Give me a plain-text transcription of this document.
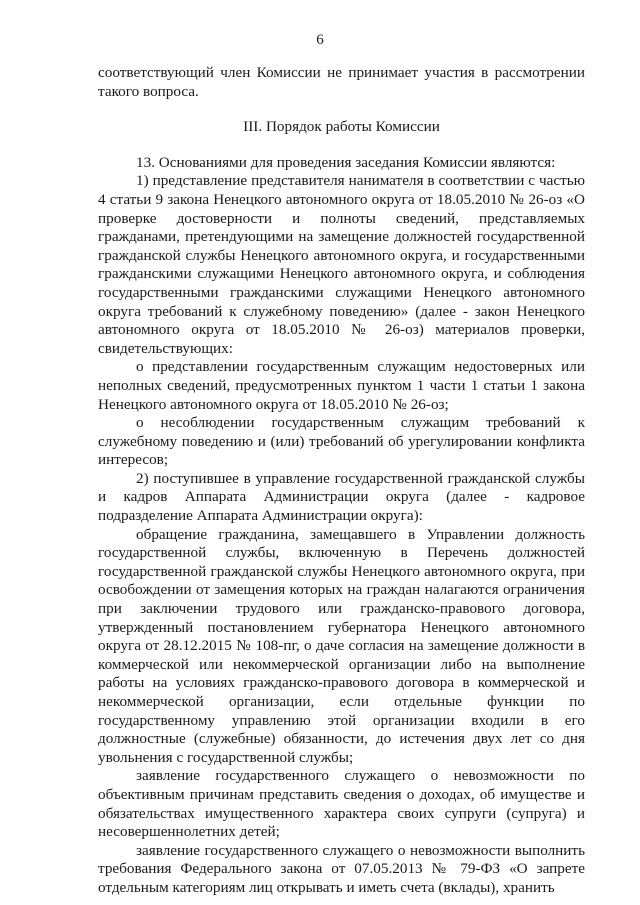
6

соответствующий член Комиссии не принимает участия в рассмотрении такого вопроса.

III. Порядок работы Комиссии

13. Основаниями для проведения заседания Комиссии являются:

1) представление представителя нанимателя в соответствии с частью 4 статьи 9 закона Ненецкого автономного округа от 18.05.2010 № 26-оз «О проверке достоверности и полноты сведений, представляемых гражданами, претендующими на замещение должностей государственной гражданской службы Ненецкого автономного округа, и государственными гражданскими служащими Ненецкого автономного округа, и соблюдения государственными гражданскими служащими Ненецкого автономного округа требований к служебному поведению» (далее - закон Ненецкого автономного округа от 18.05.2010 № 26-оз) материалов проверки, свидетельствующих:

о представлении государственным служащим недостоверных или неполных сведений, предусмотренных пунктом 1 части 1 статьи 1 закона Ненецкого автономного округа от 18.05.2010 № 26-оз;

о несоблюдении государственным служащим требований к служебному поведению и (или) требований об урегулировании конфликта интересов;

2) поступившее в управление государственной гражданской службы и кадров Аппарата Администрации округа (далее - кадровое подразделение Аппарата Администрации округа):

обращение гражданина, замещавшего в Управлении должность государственной службы, включенную в Перечень должностей государственной гражданской службы Ненецкого автономного округа, при освобождении от замещения которых на граждан налагаются ограничения при заключении трудового или гражданско-правового договора, утвержденный постановлением губернатора Ненецкого автономного округа от 28.12.2015 № 108-пг, о даче согласия на замещение должности в коммерческой или некоммерческой организации либо на выполнение работы на условиях гражданско-правового договора в коммерческой и некоммерческой организации, если отдельные функции по государственному управлению этой организации входили в его должностные (служебные) обязанности, до истечения двух лет со дня увольнения с государственной службы;

заявление государственного служащего о невозможности по объективным причинам представить сведения о доходах, об имуществе и обязательствах имущественного характера своих супруги (супруга) и несовершеннолетних детей;

заявление государственного служащего о невозможности выполнить требования Федерального закона от 07.05.2013 № 79-ФЗ «О запрете отдельным категориям лиц открывать и иметь счета (вклады), хранить
